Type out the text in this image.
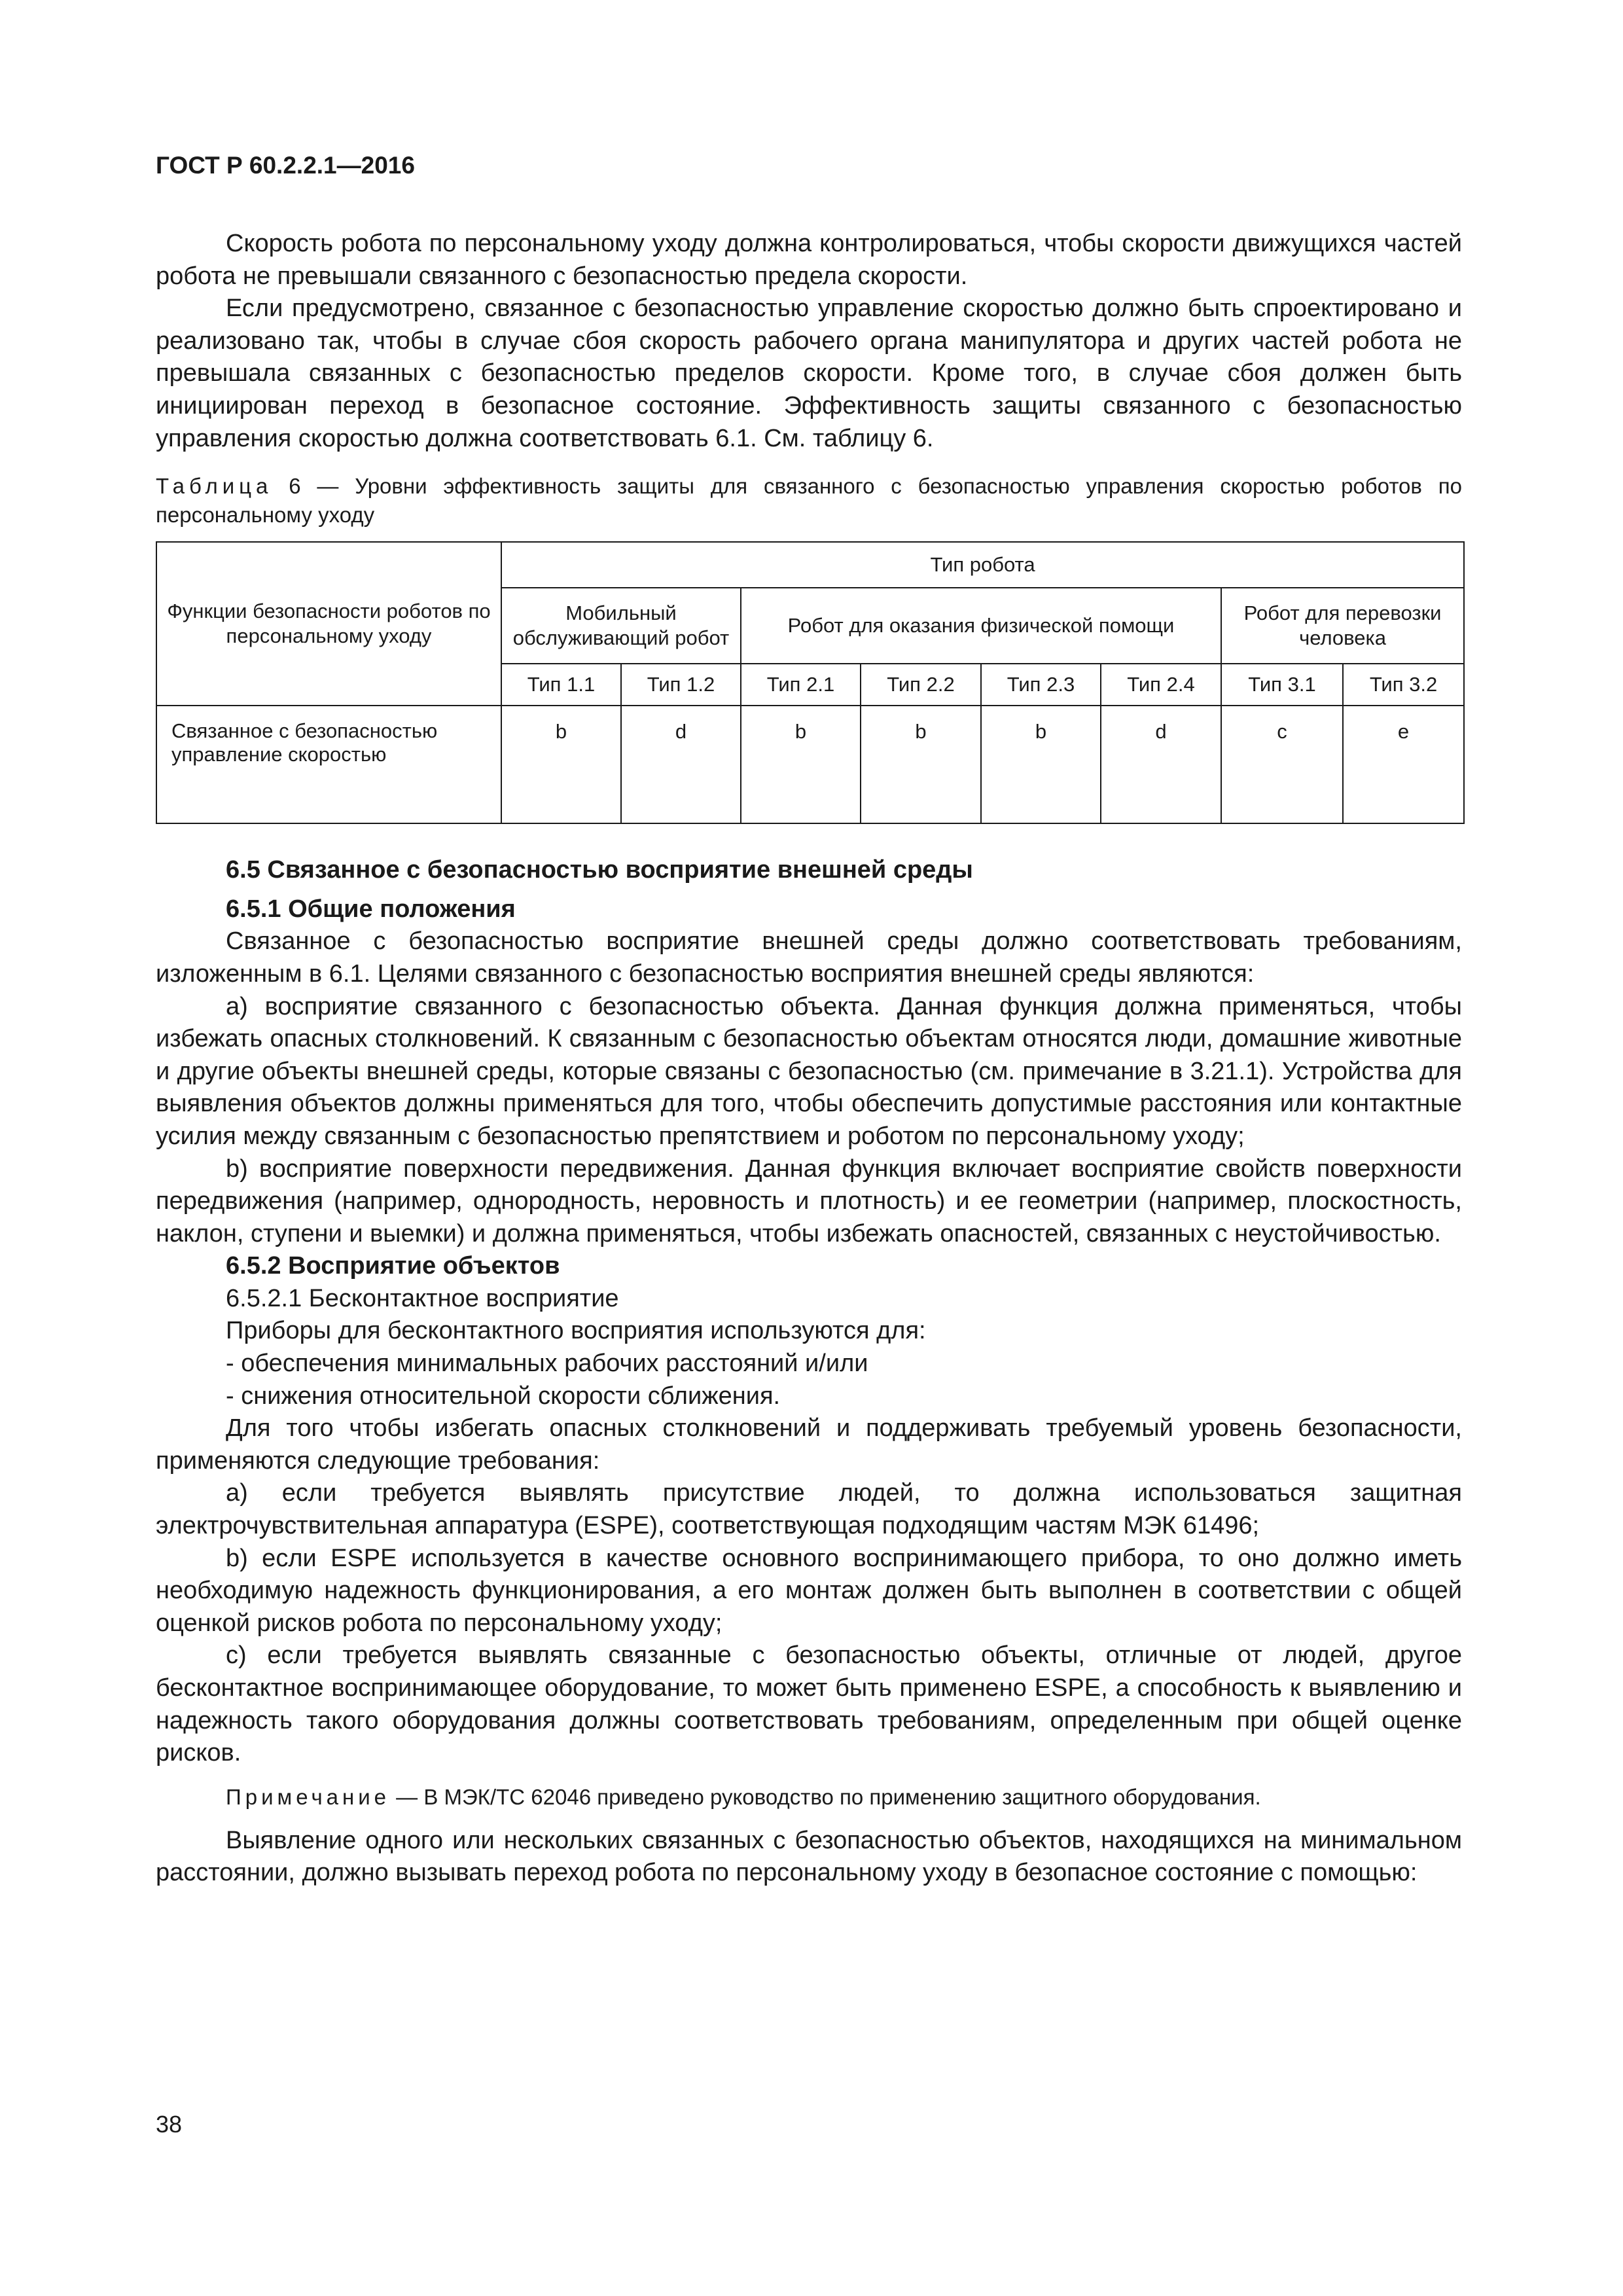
ГОСТ Р 60.2.2.1—2016

Скорость робота по персональному уходу должна контролироваться, чтобы скорости движущихся частей робота не превышали связанного с безопасностью предела скорости.

Если предусмотрено, связанное с безопасностью управление скоростью должно быть спроектировано и реализовано так, чтобы в случае сбоя скорость рабочего органа манипулятора и других частей робота не превышала связанных с безопасностью пределов скорости. Кроме того, в случае сбоя должен быть инициирован переход в безопасное состояние. Эффективность защиты связанного с безопасностью управления скоростью должна соответствовать 6.1. См. таблицу 6.

Таблица 6 — Уровни эффективность защиты для связанного с безопасностью управления скоростью роботов по персональному уходу
Функции безопасности роботов по персональному уходу	Тип робота							
	Мобильный обслуживающий робот		Робот для оказания физической помощи				Робот для перевозки человека	
	Тип 1.1	Тип 1.2	Тип 2.1	Тип 2.2	Тип 2.3	Тип 2.4	Тип 3.1	Тип 3.2
Связанное с безопасностью управление скоростью	b	d	b	b	b	d	c	e

6.5 Связанное с безопасностью восприятие внешней среды

6.5.1 Общие положения

Связанное с безопасностью восприятие внешней среды должно соответствовать требованиям, изложенным в 6.1. Целями связанного с безопасностью восприятия внешней среды являются:

a) восприятие связанного с безопасностью объекта. Данная функция должна применяться, чтобы избежать опасных столкновений. К связанным с безопасностью объектам относятся люди, домашние животные и другие объекты внешней среды, которые связаны с безопасностью (см. примечание в 3.21.1). Устройства для выявления объектов должны применяться для того, чтобы обеспечить допустимые расстояния или контактные усилия между связанным с безопасностью препятствием и роботом по персональному уходу;

b) восприятие поверхности передвижения. Данная функция включает восприятие свойств поверхности передвижения (например, однородность, неровность и плотность) и ее геометрии (например, плоскостность, наклон, ступени и выемки) и должна применяться, чтобы избежать опасностей, связанных с неустойчивостью.

6.5.2 Восприятие объектов

6.5.2.1 Бесконтактное восприятие

Приборы для бесконтактного восприятия используются для:

- обеспечения минимальных рабочих расстояний и/или

- снижения относительной скорости сближения.

Для того чтобы избегать опасных столкновений и поддерживать требуемый уровень безопасности, применяются следующие требования:

a) если требуется выявлять присутствие людей, то должна использоваться защитная электрочувствительная аппаратура (ESPE), соответствующая подходящим частям МЭК 61496;

b) если ESPE используется в качестве основного воспринимающего прибора, то оно должно иметь необходимую надежность функционирования, а его монтаж должен быть выполнен в соответствии с общей оценкой рисков робота по персональному уходу;

c) если требуется выявлять связанные с безопасностью объекты, отличные от людей, другое бесконтактное воспринимающее оборудование, то может быть применено ESPE, а способность к выявлению и надежность такого оборудования должны соответствовать требованиям, определенным при общей оценке рисков.

Примечание — В МЭК/ТС 62046 приведено руководство по применению защитного оборудования.

Выявление одного или нескольких связанных с безопасностью объектов, находящихся на минимальном расстоянии, должно вызывать переход робота по персональному уходу в безопасное состояние с помощью:

38
